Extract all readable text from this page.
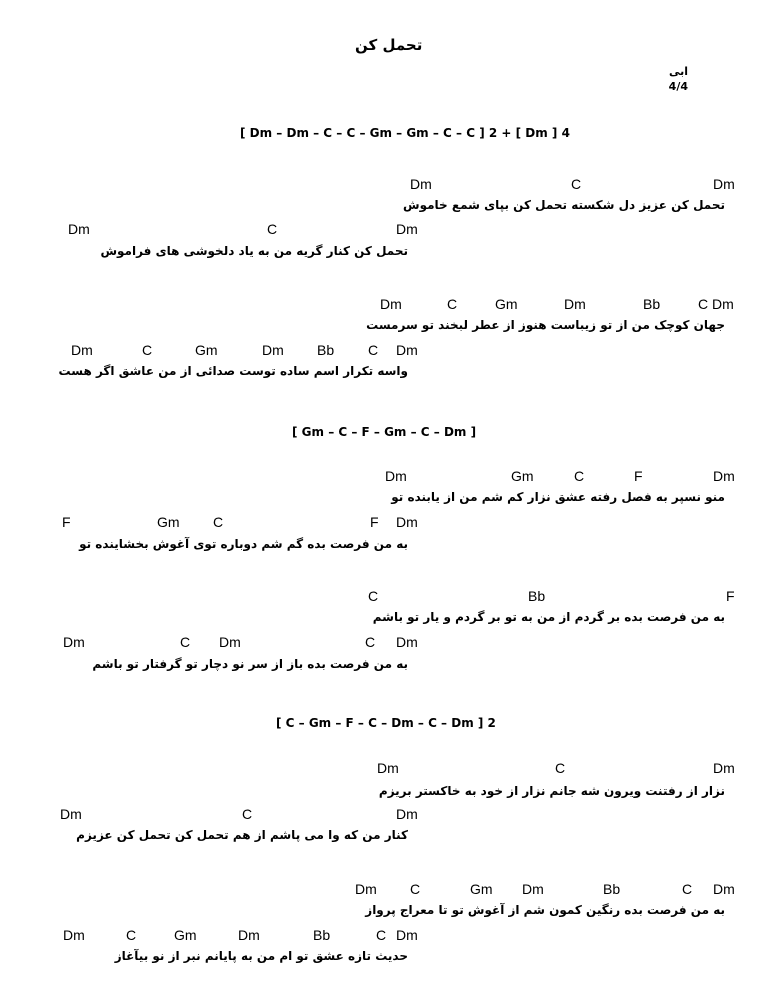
تحمل کن
ابی
4/4
[ Dm – Dm – C – C – Gm – Gm – C – C ] 2 + [ Dm ] 4
[ Gm – C – F – Gm – C – Dm ]
[ C – Gm – F – C – Dm – C – Dm ] 2
Dm	C	Dm
تحمل کن عزیز دل شکسته تحمل کن بپای شمع خاموش
Dm	C	Dm
تحمل کن کنار گریه من به یاد دلخوشی های فراموش
Dm	C	Gm	Dm	Bb	C Dm
جهان کوچک من از تو زیباست هنوز از عطر لبخند تو سرمست
Dm	C	Gm	Dm Bb C Dm
واسه تکرار اسم ساده توست صدائی از من عاشق اگر هست
Dm	Gm	C	F	Dm
منو نسپر به فصل رفته عشق نزار کم شم من از یابنده تو
F	Gm C	F Dm
به من فرصت بده گم شم دوباره توی آغوش بخشاینده تو
C	Bb	F
به من فرصت بده بر گردم از من به تو بر گردم و یار تو باشم
Dm	C Dm	C Dm
به من فرصت بده باز از سر نو دچار تو گرفتار تو باشم
Dm	C	Dm
نزار از رفتنت ویرون شه جانم نزار از خود به خاکستر بریزم
Dm	C	Dm
کنار من که وا می پاشم از هم تحمل کن تحمل کن عزیزم
Dm C	Gm Dm	Bb	C Dm
به من فرصت بده رنگین کمون شم از آغوش تو تا معراج پرواز
Dm	C	Gm	Dm	Bb	C Dm
حدیث تازه عشق تو ام من به پایانم نبر از نو بیآغاز
